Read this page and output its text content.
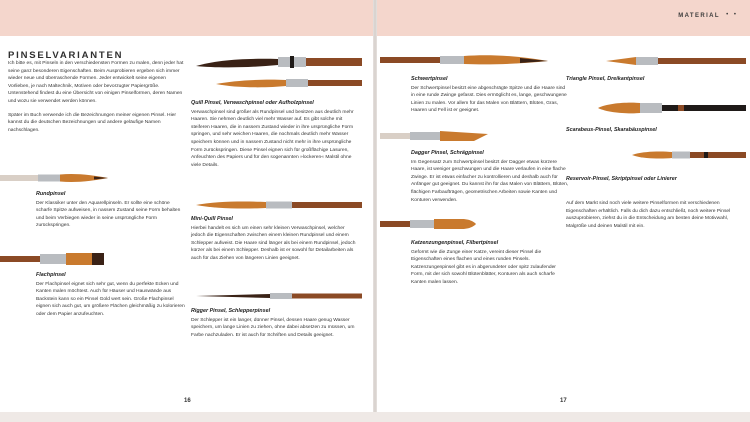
MATERIAL • •
PINSELVARIANTEN

Ich bitte es, mit Pinseln in den verschiedensten Formen zu malen, denn jeder hat seine ganz besonderen Eigenschaften. Beim Ausprobieren ergeben sich immer wieder neue und überraschende Formen. Jeder entwickelt seine eigenen Vorlieben, je nach Maltechnik, Motiven oder bevorzugter Papiergröße. Untenstehend findest du eine Übersicht von einigen Pinselformen, deren Namen und wozu sie verwendet werden können.

Später im Buch verwende ich die Bezeichnungen meiner eigenen Pinsel. Hier kannst du die deutschen Bezeichnungen und andere geläufige Namen nachschlagen.

Rundpinsel

Der Klassiker unter den Aquarellpinseln. Er sollte eine schöne scharfe Spitze aufweisen, in nassem Zustand seine Form behalten und beim Verbiegen wieder in seine ursprüngliche Form zurückspringen.

Flachpinsel

Der Flachpinsel eignet sich sehr gut, wenn du perfekte Ecken und Kanten malen möchtest. Auch für Häuser und Hauswände aus Backstein kann so ein Pinsel Gold wert sein. Große Flachpinsel eignen sich auch gut, um größere Flächen gleichmäßig zu kolorieren oder dem Papier anzufeuchten.

Quill Pinsel, Verwaschpinsel oder Aufholzpinsel

Verwaschpinsel sind größer als Rundpinsel und besitzen aus deutlich mehr Haaren. Sie nehmen deutlich viel mehr Wasser auf. Es gibt solche mit steiferen Haaren, die in nassem Zustand wieder in ihre ursprüngliche Form springen, und sehr weichen Haaren, die nochmals deutlich mehr Wasser speichern können und in nassem Zustand nicht mehr in ihre ursprüngliche Form zurückspringen. Diese Pinsel eignen sich für großflächige Lasuren, Anfeuchten des Papiers und für den sogenannten »lockeren« Malstil ohne viele Details.

Mini-Quill Pinsel

Hierbei handelt es sich um einen sehr kleinen Verwaschpinsel, welcher jedoch die Eigenschaften zwischen einem kleinen Rundpinsel und einem Schlepper aufweist. Die Haare sind länger als bei einem Rundpinsel, jedoch kürzer als bei einem Schlepper. Deshalb ist er sowohl für Detailarbeiten als auch für das Ziehen von längeren Linien geeignet.

Rigger Pinsel, Schlepperpinsel

Der Schlepper ist ein langer, dünner Pinsel, dessen Haare genug Wasser speichern, um lange Linien zu ziehen, ohne dabei absetzen zu müssen, um Farbe nachzuladen. Er ist auch für Schriften und Details geeignet.

16
Schwertpinsel

Der Schwertpinsel besitzt eine abgeschrägte Spitze und die Haare sind in eine runde Zwinge gefasst. Dies ermöglicht es, lange, geschwungene Linien zu malen. Vor allem für das Malen von Blättern, Blüten, Gras, Haaren und Fell ist er geeignet.

Dagger Pinsel, Schrägpinsel

Im Gegensatz zum Schwertpinsel besitzt der Dagger etwas kürzere Haare, ist weniger geschwungen und die Haare verlaufen in eine flache Zwinge. Er ist etwas einfacher zu kontrollieren und deshalb auch für Anfänger gut geeignet. Du kannst ihn für das Malen von Blättern, Blüten, flächigen Farbaufträgen, geometrischen Arbeiten sowie Kanten und Konturen verwenden.

Katzenzungenpinsel, Filbertpinsel

Geformt wie die Zunge einer Katze, vereint dieser Pinsel die Eigenschaften eines flachen und eines runden Pinsels. Katzenzungenpinsel gibt es in abgerundeter oder spitz zulaufender Form, mit der sich sowohl Blütenblätter, Konturen als auch scharfe Kanten malen lassen.

Triangle Pinsel, Dreikantpinsel
Scarabeus-Pinsel, Skarabäuspinsel
Reservoir-Pinsel, Skriptpinsel oder Linierer
Auf dem Markt sind noch viele weitere Pinselformen mit verschiedenen Eigenschaften erhältlich. Falls du dich dazu entschließt, noch weitere Pinsel auszuprobieren, ziehst du in die Entscheidung am besten deine Motivwahl, Malgröße und deinen Malstil mit ein.
17
